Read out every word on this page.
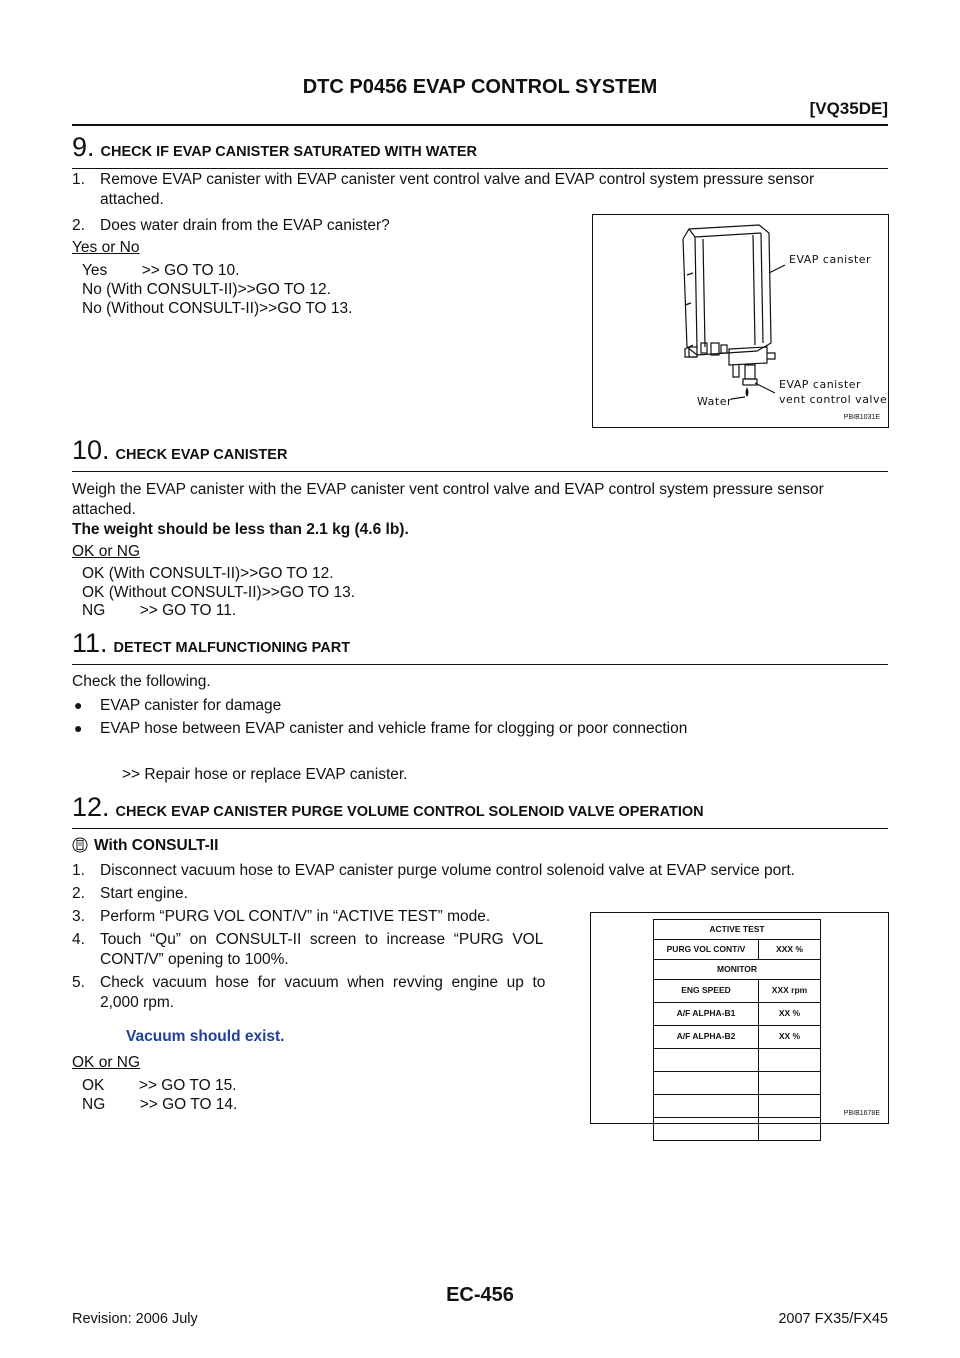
DTC P0456 EVAP CONTROL SYSTEM
[VQ35DE]
9. CHECK IF EVAP CANISTER SATURATED WITH WATER
1. Remove EVAP canister with EVAP canister vent control valve and EVAP control system pressure sensor
attached.
2. Does water drain from the EVAP canister?
Yes or No
Yes        >> GO TO 10.
No (With CONSULT-II)>>GO TO 12.
No (Without CONSULT-II)>>GO TO 13.
EVAP canister
EVAP canister
vent control valve
Water
PBIB1031E
10. CHECK EVAP CANISTER
Weigh the EVAP canister with the EVAP canister vent control valve and EVAP control system pressure sensor
attached.
The weight should be less than 2.1 kg (4.6 lb).
OK or NG
OK (With CONSULT-II)>>GO TO 12.
OK (Without CONSULT-II)>>GO TO 13.
NG        >> GO TO 11.
11. DETECT MALFUNCTIONING PART
Check the following.
● EVAP canister for damage
● EVAP hose between EVAP canister and vehicle frame for clogging or poor connection
>> Repair hose or replace EVAP canister.
12. CHECK EVAP CANISTER PURGE VOLUME CONTROL SOLENOID VALVE OPERATION
With CONSULT-II
1. Disconnect vacuum hose to EVAP canister purge volume control solenoid valve at EVAP service port.
2. Start engine.
3. Perform “PURG VOL CONT/V” in “ACTIVE TEST” mode.
4. Touch  “Qu”  on  CONSULT-II  screen  to  increase  “PURG  VOL
CONT/V” opening to 100%.
5. Check  vacuum  hose  for  vacuum  when  revving  engine  up  to
2,000 rpm.
Vacuum should exist.
OK or NG
OK        >> GO TO 15.
NG        >> GO TO 14.
ACTIVE TEST	
PURG VOL CONT/V	XXX %
MONITOR	
ENG SPEED	XXX rpm
A/F ALPHA-B1	XX %
A/F ALPHA-B2	XX %

PBIB1678E
EC-456
Revision: 2006 July	2007 FX35/FX45
